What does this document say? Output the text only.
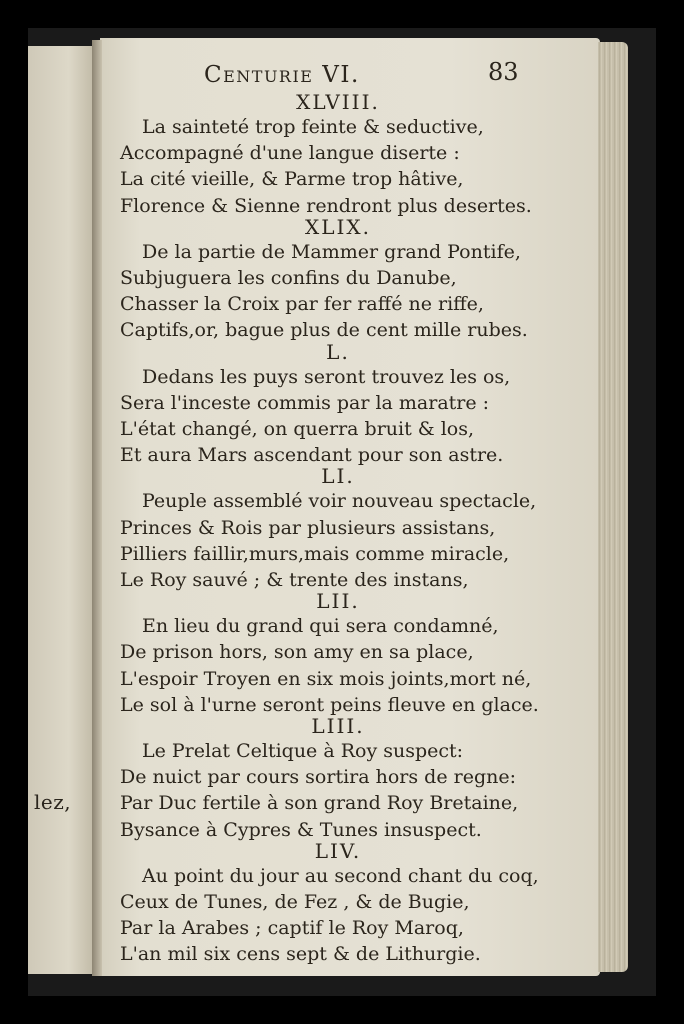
lez,
Centurie VI.	83
XLVIII.
La sainteté trop feinte & seductive,
Accompagné d'une langue diserte :
La cité vieille, & Parme trop hâtive,
Florence & Sienne rendront plus desertes.
XLIX.
De la partie de Mammer grand Pontife,
Subjuguera les confins du Danube,
Chasser la Croix par fer raffé ne riffe,
Captifs,or, bague plus de cent mille rubes.
L.
Dedans les puys seront trouvez les os,
Sera l'inceste commis par la maratre :
L'état changé, on querra bruit & los,
Et aura Mars ascendant pour son astre.
LI.
Peuple assemblé voir nouveau spectacle,
Princes & Rois par plusieurs assistans,
Pilliers faillir,murs,mais comme miracle,
Le Roy sauvé ; & trente des instans,
LII.
En lieu du grand qui sera condamné,
De prison hors, son amy en sa place,
L'espoir Troyen en six mois joints,mort né,
Le sol à l'urne seront peins fleuve en glace.
LIII.
Le Prelat Celtique à Roy suspect:
De nuict par cours sortira hors de regne:
Par Duc fertile à son grand Roy Bretaine,
Bysance à Cypres & Tunes insuspect.
LIV.
Au point du jour au second chant du coq,
Ceux de Tunes, de Fez , & de Bugie,
Par la Arabes ; captif le Roy Maroq,
L'an mil six cens sept & de Lithurgie.
